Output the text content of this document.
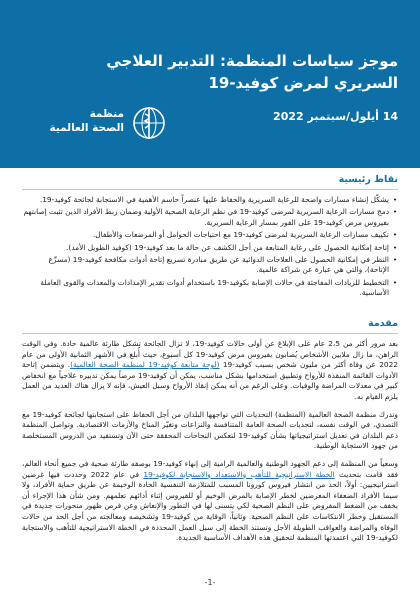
موجز سياسات المنظمة: التدبير العلاجي السريري لمرض كوفيد-19
14 أيلول/سبتمبر 2022
منظمة
الصحة العالمية
نقاط رئيسية
•
يشكّل إنشاء مسارات واضحة للرعاية السريرية والحفاظ عليها عنصراً حاسم الأهمية في الاستجابة لجائحة كوفيد-19.
•
دمج مسارات الرعاية السريرية لمرضى كوفيد-19 في نظم الرعاية الصحية الأولية وضمان ربط الأفراد الذين تثبت إصابتهم بفيروس مرض كوفيد-19 على الفور بمسار الرعاية السريرية.
•
تكييف مسارات الرعاية السريرية لمرضى كوفيد-19 مع احتياجات الحوامل أو المرضعات والأطفال.
•
إتاحة إمكانية الحصول على رعاية المتابعة من أجل الكشف عن حالة ما بعد كوفيد-19 (كوفيد الطويل الأمد).
•
النظر في إمكانية الحصول على العلاجات الدوائية عن طريق مبادرة تسريع إتاحة أدوات مكافحة كوفيد-19 (مسرِّع الإتاحة)، والتي هي عبارة عن شراكة عالمية.
•
التخطيط للزيادات المفاجئة في حالات الإصابة بكوفيد-19 باستخدام أدوات تقدير الإمدادات والمعدات والقوى العاملة الأساسية.
مقدمة

بعد مرور أكثر من 2،5 عام على الإبلاغ عن أولى حالات كوفيد-19، لا تزال الجائحة تشكل طارئة عالمية حادة. وفي الوقت الراهن، ما زال ملايين الأشخاص يُصابون بفيروس مرض كوفيد-19 كل أسبوع، حيث أُبلغ في الأشهر الثمانية الأولى من عام 2022 عن وفاة أكثر من مليون شخص بسبب كوفيد-19 (لوحة متابعة كوفيد-19 لمنظمة الصحة العالمية). ويتضمن إتاحة الأدوات القائمة المنقذة للأرواح وتطبيق استخدامها بشكل مناسب، يمكن أن كوفيد-19 مرضاً يمكن تدبيره علاجياً مع انخفاض كبير في معدلات المراضة والوفيات. وعلى الرغم من أنه يمكن إنقاذ الأرواح وسبل العيش، فإنه لا يزال هناك العديد من العمل يلزم القيام به.

وتدرك منظمة الصحة العالمية (المنظمة) التحديات التي تواجهها البلدان من أجل الحفاظ على استجابتها لجائحة كوفيد-19 مع التصدي، في الوقت نفسه، لتحديات الصحة العامة المتنافسة والنزاعات وتغيّر المناخ والأزمات الاقتصادية. وتواصل المنظمة دعم البلدان في تعديل استراتيجياتها بشأن كوفيد-19 لتعكس النجاحات المحققة حتى الآن وتستفيد من الدروس المستخلصة من جهود الاستجابة الوطنية.

وسعياً من المنظمة إلى دعم الجهود الوطنية والعالمية الرامية إلى إنهاء كوفيد-19 بوصفه طارئة صحية في جميع أنحاء العالم، فقد قامت بتحديث الخطة الاستراتيجية للتأهب والاستعداد والاستجابة لكوفيد-19 في عام 2022 وحددت فيها غرضين استراتيجيين: أولاً، الحد من انتشار فيروس كورونا المسبب للمتلازمة التنفسية الحادة الوخيمة عن طريق حماية الأفراد، ولا سيما الأفراد الضعفاء المعرضين لخطر الإصابة بالمرض الوخيم أو للفيروس إثناء أدائهم تعلمهم. ومن شأن هذا الإجراء أن يخفف من الضغط المفروض على النظم الصحية لكي يتسنى لها في التطور والإنعاش وعن فرص ظهور متحورات جديدة في المستقبل وخطر الانتكاسات على النظم الصحية. وثانياً، الوقاية من كوفيد-19 وتشخيصه ومعالجته من أجل الحد من حالات الوفاة والمراضة والعواقب الطويلة الأجل وتستند الخطة إلى سبل العمل المحددة في الخطة الاستراتيجية للتأهب والاستجابة لكوفيد-19 التي اعتمدتها المنظمة لتحقيق هذه الأهداف الأساسية الجديدة.

-1-
